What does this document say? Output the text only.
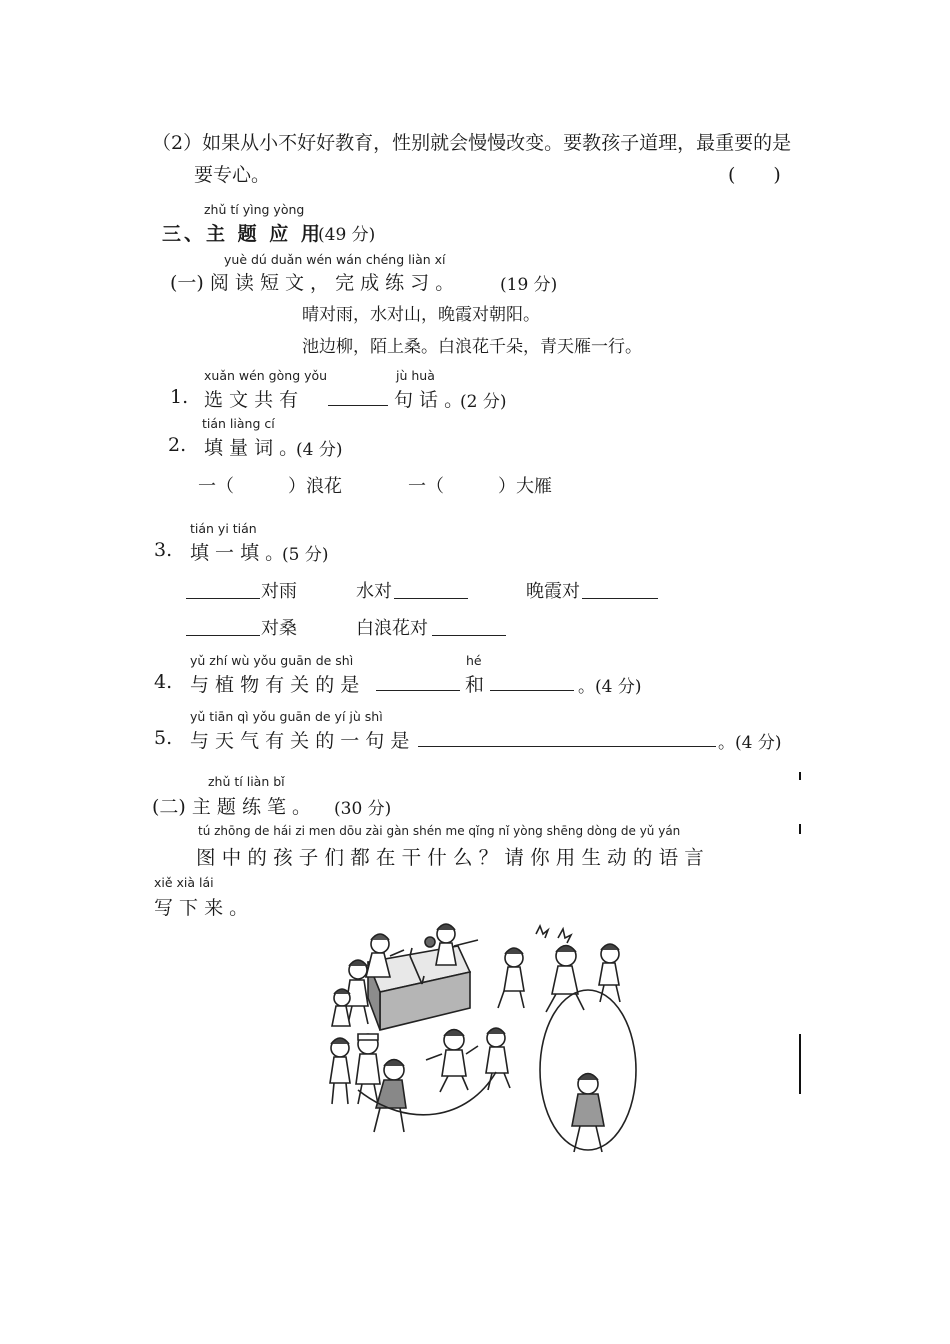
（2）如果从小不好好教育，性别就会慢慢改变。要教孩子道理，最重要的是
要专心。	(　　)
zhǔ tí yìng yòng
三、主 题 应 用
(49 分)
yuè dú duǎn wén wán chéng liàn xí
(一) 阅 读 短 文 ， 完 成 练 习 。	(19 分)
晴对雨，水对山，晚霞对朝阳。
池边柳，陌上桑。白浪花千朵，青天雁一行。
xuǎn wén gòng yǒu	jù huà
1. 选 文 共 有	句 话 。
(2 分)
tián liàng cí
2. 填 量 词 。
(4 分)
一（　　　）浪花	一（　　　）大雁
tián yi tián
3. 填 一 填 。
(5 分)
对雨	水对	晚霞对
对桑	白浪花对
yǔ zhí wù yǒu guān de shì	hé
4. 与 植 物 有 关 的 是	和	。(4 分)
yǔ tiān qì yǒu guān de yí jù shì
5. 与 天 气 有 关 的 一 句 是	。(4 分)
zhǔ tí liàn bǐ
(二) 主 题 练 笔 。 (30 分)
tú zhōng de hái zi men dōu zài gàn shén me qǐng nǐ yòng shēng dòng de yǔ yán
图 中 的 孩 子 们 都 在 干 什 么 ？ 请 你 用 生 动 的 语 言
xiě xià lái
写 下 来 。
